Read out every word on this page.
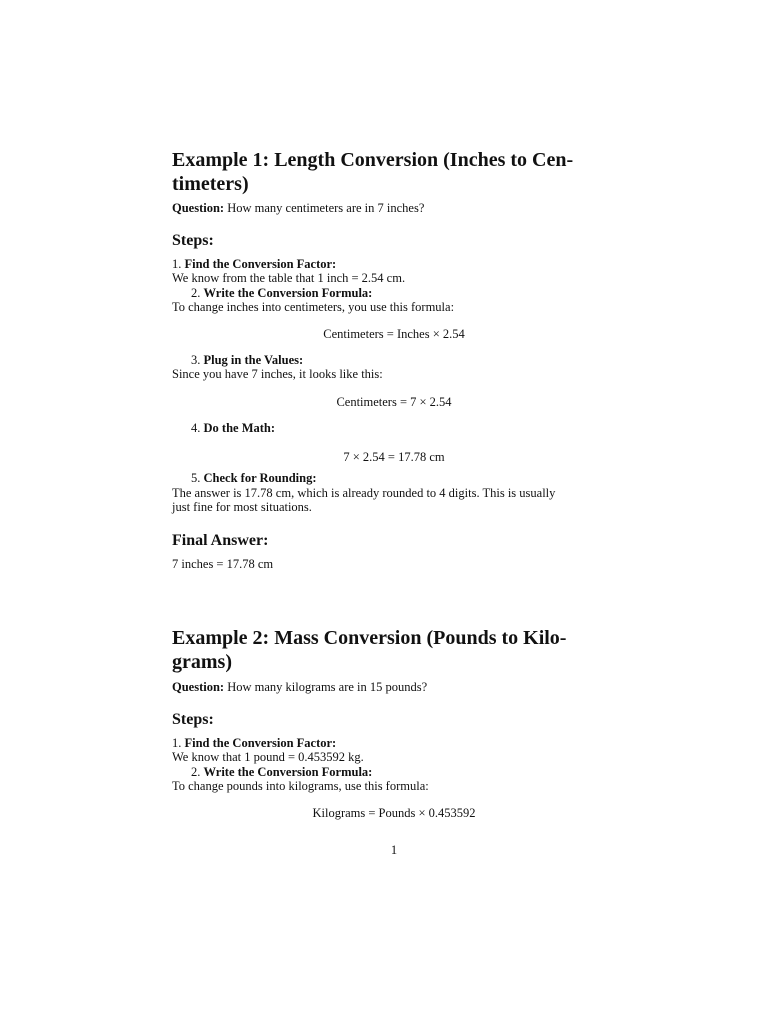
Example 1: Length Conversion (Inches to Cen-
timeters)
Question: How many centimeters are in 7 inches?
Steps:
1. Find the Conversion Factor:
We know from the table that 1 inch = 2.54 cm.
2. Write the Conversion Formula:
To change inches into centimeters, you use this formula:
Centimeters = Inches × 2.54
3. Plug in the Values:
Since you have 7 inches, it looks like this:
Centimeters = 7 × 2.54
4. Do the Math:
7 × 2.54 = 17.78 cm
5. Check for Rounding:
The answer is 17.78 cm, which is already rounded to 4 digits. This is usually
just fine for most situations.
Final Answer:
7 inches = 17.78 cm
Example 2: Mass Conversion (Pounds to Kilo-
grams)
Question: How many kilograms are in 15 pounds?
Steps:
1. Find the Conversion Factor:
We know that 1 pound = 0.453592 kg.
2. Write the Conversion Formula:
To change pounds into kilograms, use this formula:
Kilograms = Pounds × 0.453592
1
